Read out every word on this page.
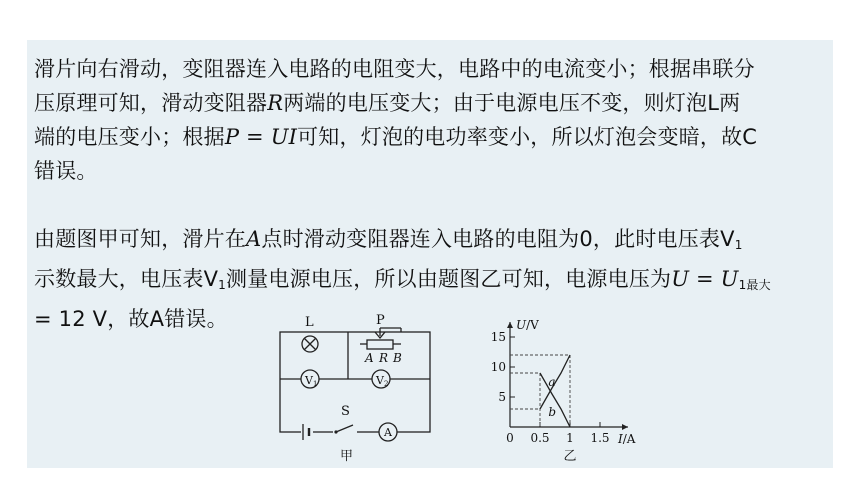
滑片向右滑动，变阻器连入电路的电阻变大，电路中的电流变小；根据串联分
压原理可知，滑动变阻器R两端的电压变大；由于电源电压不变，则灯泡L两
端的电压变小；根据P = UI可知，灯泡的电功率变小，所以灯泡会变暗，故C
错误。
由题图甲可知，滑片在A点时滑动变阻器连入电路的电阻为0，此时电压表$V_1$
示数最大，电压表$V_1$测量电源电压，所以由题图乙可知，电源电压为$U = U_{1最大}$
= 12 V，故A错误。	L	P
A R B
V1	V2
S
A
甲
U/V
I/A
15
10
5
0 0.5 1 1.5
a
b
乙
